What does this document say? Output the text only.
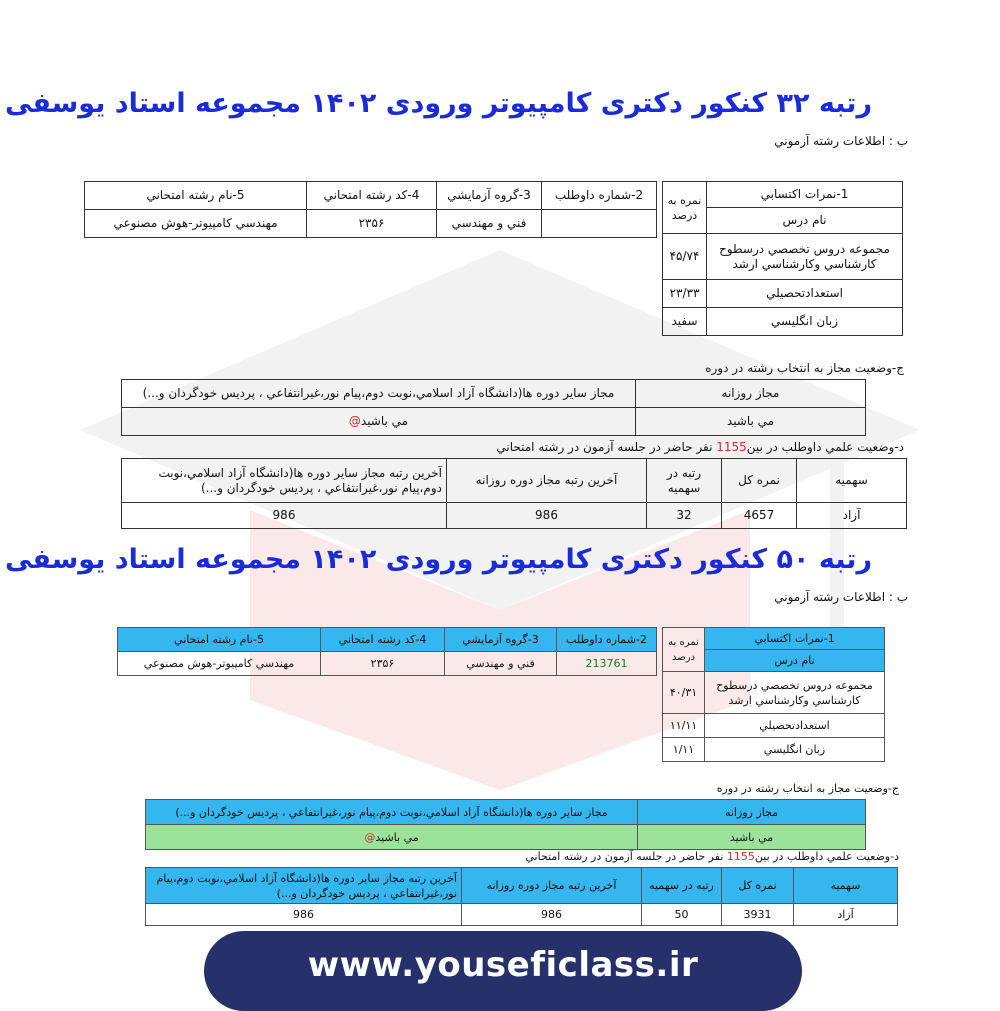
رتبه ۳۲ کنکور دکتری کامپیوتر ورودی ۱۴۰۲ مجموعه استاد یوسفی
ب : اطلاعات رشته آزموني
2-شماره داوطلب	3-گروه آزمايشي	4-كد رشته امتحاني	5-نام رشته امتحاني
	فني و مهندسي	۲۳۵۶	مهندسي كامپيوتر-هوش مصنوعي
1-نمرات اكتسابي	نمره به درصد
نام درس	
مجموعه دروس تخصصي درسطوح كارشناسي وكارشناسي ارشد	۴۵/۷۴
استعدادتحصيلي	۲۳/۳۳
زبان انگليسي	سفيد
ج-وضعيت مجاز به انتخاب رشته در دوره
مجاز روزانه	مجاز ساير دوره ها(دانشگاه آزاد اسلامي،نوبت دوم،پيام نور،غيرانتفاعي ، پرديس خودگردان و...)
مي باشيد	مي باشيد@
د-وضعيت علمي داوطلب در بين1155 نفر حاضر در جلسه آزمون در رشته امتحاني
سهميه	نمره كل	رتبه در سهميه	آخرين رتبه مجاز دوره روزانه	آخرين رتبه مجاز ساير دوره ها(دانشگاه آزاد اسلامي،نوبت دوم،پيام نور،غيرانتفاعي ، پرديس خودگردان و...)
آزاد	4657	32	986	986
رتبه ۵۰ کنکور دکتری کامپیوتر ورودی ۱۴۰۲ مجموعه استاد یوسفی
ب : اطلاعات رشته آزموني
2-شماره داوطلب	3-گروه آزمايشي	4-كد رشته امتحاني	5-نام رشته امتحاني
213761	فني و مهندسي	۲۳۵۶	مهندسي كامپيوتر-هوش مصنوعي
1-نمرات اكتسابي	نمره به درصد
نام درس	
مجموعه دروس تخصصي درسطوح كارشناسي وكارشناسي ارشد	۴۰/۳۱
استعدادتحصيلي	۱۱/۱۱
زبان انگليسي	۱/۱۱
ج-وضعيت مجاز به انتخاب رشته در دوره
مجاز روزانه	مجاز ساير دوره ها(دانشگاه آزاد اسلامي،نوبت دوم،پيام نور،غيرانتفاعي ، پرديس خودگردان و...)
مي باشيد	مي باشيد@
د-وضعيت علمي داوطلب در بين1155 نفر حاضر در جلسه آزمون در رشته امتحاني
سهميه	نمره كل	رتبه در سهميه	آخرين رتبه مجاز دوره روزانه	آخرين رتبه مجاز ساير دوره ها(دانشگاه آزاد اسلامي،نوبت دوم،پيام نور،غيرانتفاعي ، پرديس خودگردان و...)
آزاد	3931	50	986	986
www.youseficlass.ir
